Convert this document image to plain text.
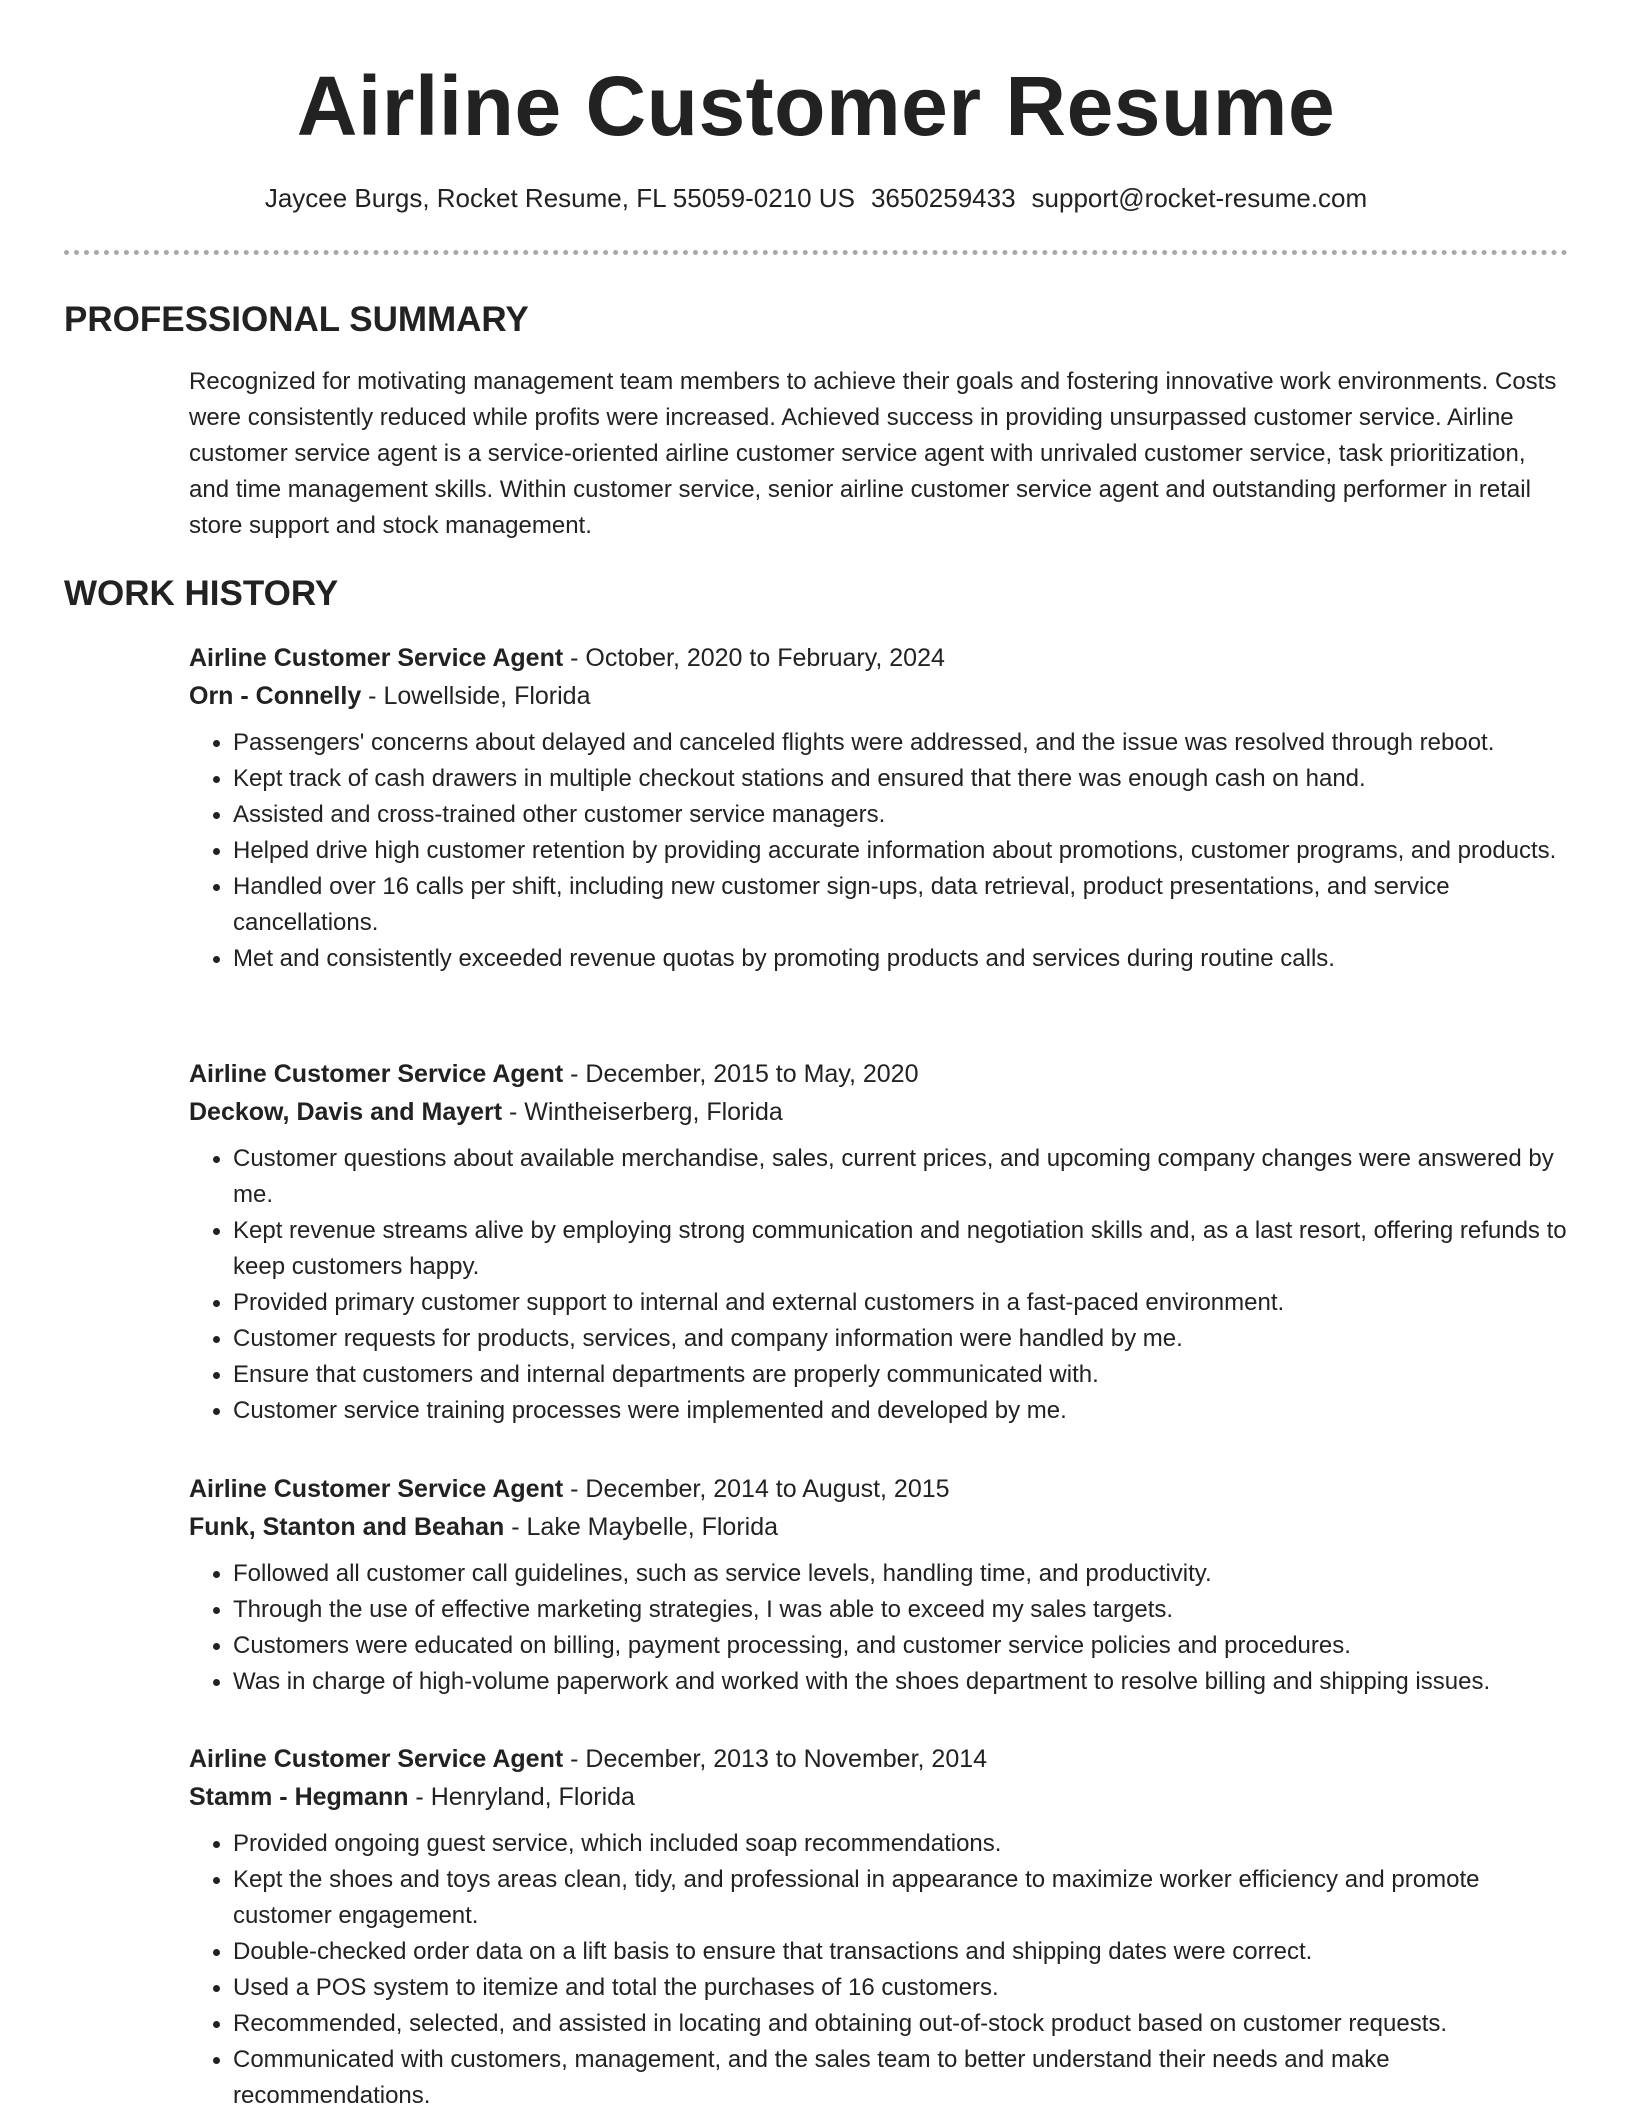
Airline Customer Resume
Jaycee Burgs, Rocket Resume, FL 55059-0210 US 3650259433 support@rocket-resume.com
PROFESSIONAL SUMMARY

Recognized for motivating management team members to achieve their goals and fostering innovative work environments. Costs were consistently reduced while profits were increased. Achieved success in providing unsurpassed customer service. Airline customer service agent is a service-oriented airline customer service agent with unrivaled customer service, task prioritization, and time management skills. Within customer service, senior airline customer service agent and outstanding performer in retail store support and stock management.

WORK HISTORY
Airline Customer Service Agent - October, 2020 to February, 2024
Orn - Connelly - Lowellside, Florida
• Passengers' concerns about delayed and canceled flights were addressed, and the issue was resolved through reboot.
• Kept track of cash drawers in multiple checkout stations and ensured that there was enough cash on hand.
• Assisted and cross-trained other customer service managers.
• Helped drive high customer retention by providing accurate information about promotions, customer programs, and products.
• Handled over 16 calls per shift, including new customer sign-ups, data retrieval, product presentations, and service cancellations.
• Met and consistently exceeded revenue quotas by promoting products and services during routine calls.
Airline Customer Service Agent - December, 2015 to May, 2020
Deckow, Davis and Mayert - Wintheiserberg, Florida
• Customer questions about available merchandise, sales, current prices, and upcoming company changes were answered by me.
• Kept revenue streams alive by employing strong communication and negotiation skills and, as a last resort, offering refunds to keep customers happy.
• Provided primary customer support to internal and external customers in a fast-paced environment.
• Customer requests for products, services, and company information were handled by me.
• Ensure that customers and internal departments are properly communicated with.
• Customer service training processes were implemented and developed by me.
Airline Customer Service Agent - December, 2014 to August, 2015
Funk, Stanton and Beahan - Lake Maybelle, Florida
• Followed all customer call guidelines, such as service levels, handling time, and productivity.
• Through the use of effective marketing strategies, I was able to exceed my sales targets.
• Customers were educated on billing, payment processing, and customer service policies and procedures.
• Was in charge of high-volume paperwork and worked with the shoes department to resolve billing and shipping issues.
Airline Customer Service Agent - December, 2013 to November, 2014
Stamm - Hegmann - Henryland, Florida
• Provided ongoing guest service, which included soap recommendations.
• Kept the shoes and toys areas clean, tidy, and professional in appearance to maximize worker efficiency and promote customer engagement.
• Double-checked order data on a lift basis to ensure that transactions and shipping dates were correct.
• Used a POS system to itemize and total the purchases of 16 customers.
• Recommended, selected, and assisted in locating and obtaining out-of-stock product based on customer requests.
• Communicated with customers, management, and the sales team to better understand their needs and make recommendations.
